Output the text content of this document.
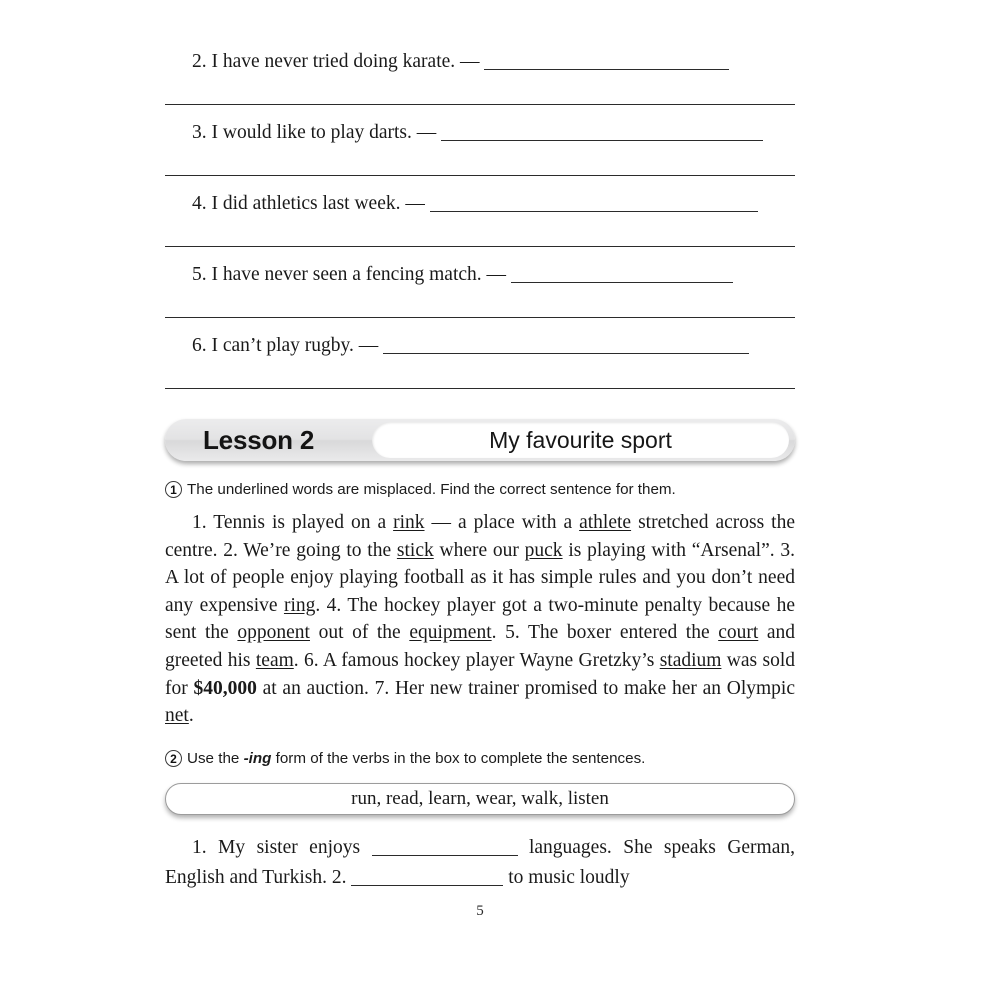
2. I have never tried doing karate. —
3. I would like to play darts. —
4. I did athletics last week. —
5. I have never seen a fencing match. —
6. I can’t play rugby. —
Lesson 2	My favourite sport
1 The underlined words are misplaced. Find the correct sentence for them.
1. Tennis is played on a rink — a place with a athlete stretched across the centre. 2. We’re going to the stick where our puck is playing with “Arsenal”. 3. A lot of people enjoy playing football as it has simple rules and you don’t need any expensive ring. 4. The hockey player got a two-minute penalty because he sent the opponent out of the equipment. 5. The boxer entered the court and greeted his team. 6. A famous hockey player Wayne Gretzky’s stadium was sold for $40,000 at an auction. 7. Her new trainer promised to make her an Olympic net.
2 Use the -ing form of the verbs in the box to complete the sentences.
run, read, learn, wear, walk, listen
1. My sister enjoys	languages. She speaks German, English and Turkish. 2.	to music loudly
5
